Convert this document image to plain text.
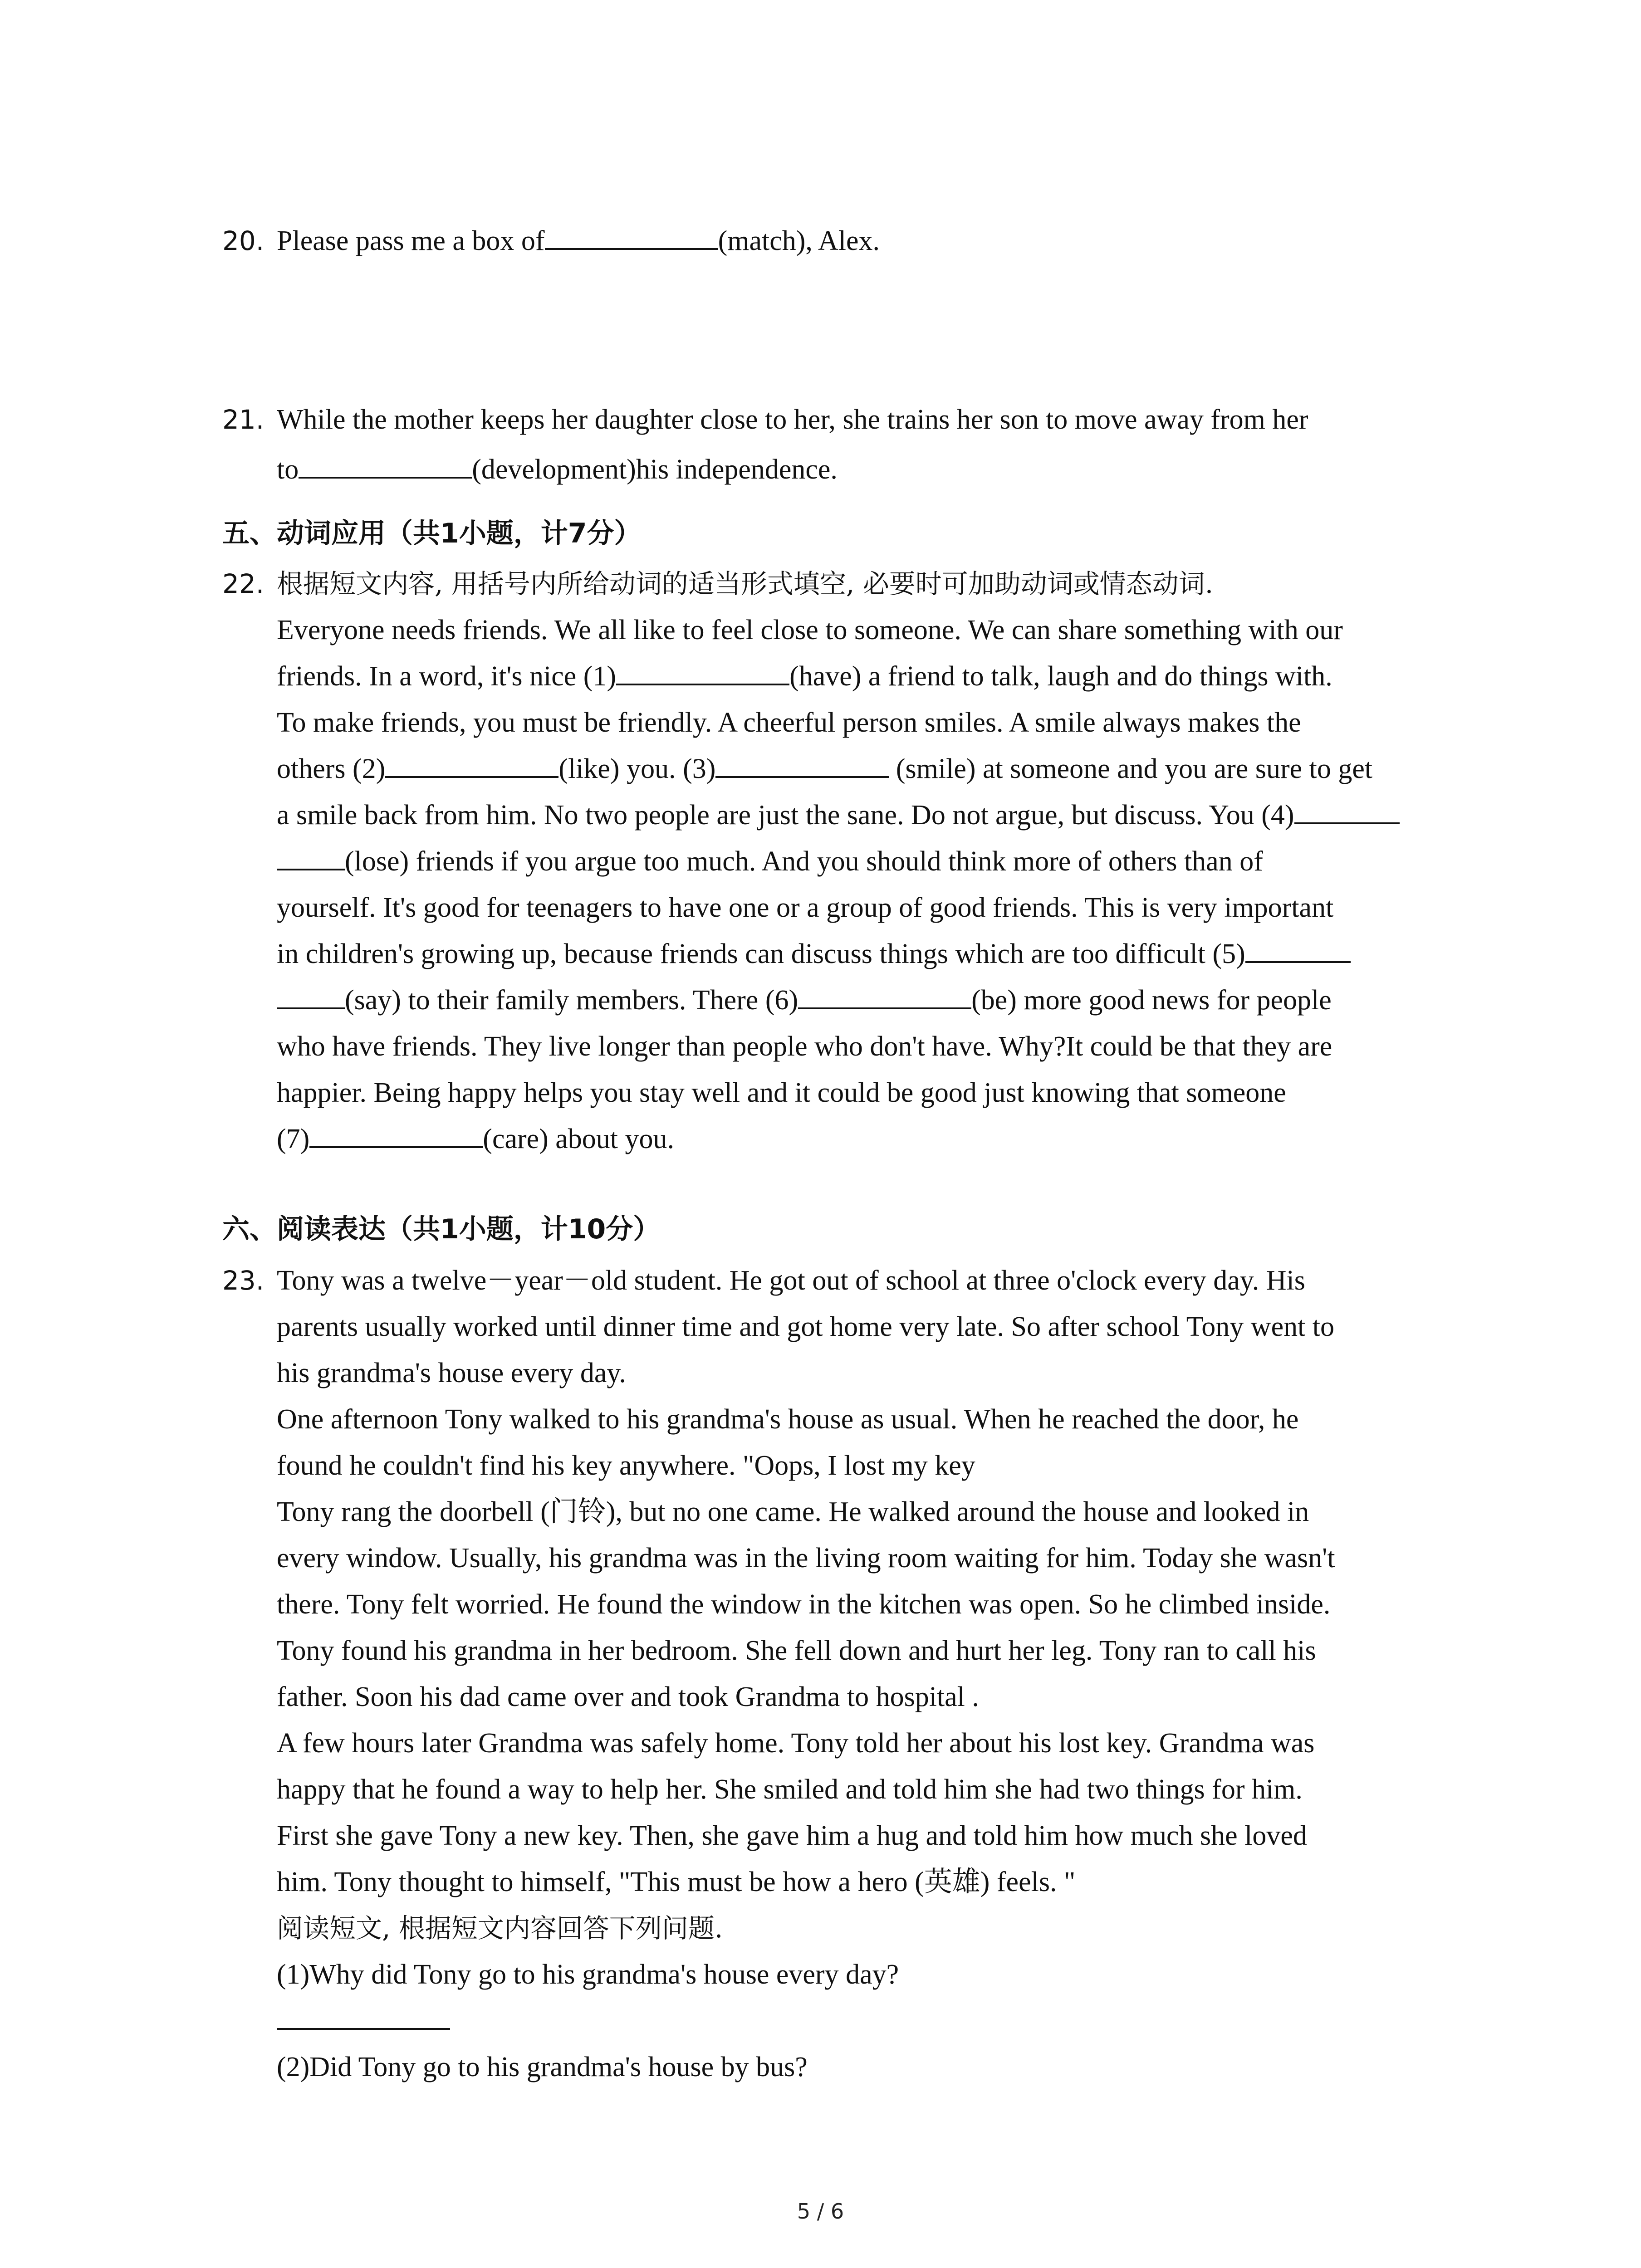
20. Please pass me a box of	(match), Alex.
21. While the mother keeps her daughter close to her, she trains her son to move away from her
to	(development)his independence.
五、动词应用（共1小题，计7分）
22. 根据短文内容, 用括号内所给动词的适当形式填空, 必要时可加助动词或情态动词.
Everyone needs friends. We all like to feel close to someone. We can share something with our
friends. In a word, it's nice (1)	(have) a friend to talk, laugh and do things with.
To make friends, you must be friendly. A cheerful person smiles. A smile always makes the
others (2)	(like) you. (3)	(smile) at someone and you are sure to get
a smile back from him. No two people are just the sane. Do not argue, but discuss. You (4)
(lose) friends if you argue too much. And you should think more of others than of
yourself. It's good for teenagers to have one or a group of good friends. This is very important
in children's growing up, because friends can discuss things which are too difficult (5)
(say) to their family members. There (6)	(be) more good news for people
who have friends. They live longer than people who don't have. Why?It could be that they are
happier. Being happy helps you stay well and it could be good just knowing that someone
(7)	(care) about you.
六、阅读表达（共1小题，计10分）
23. Tony was a twelve－year－old student. He got out of school at three o'clock every day. His
parents usually worked until dinner time and got home very late. So after school Tony went to
his grandma's house every day.
One afternoon Tony walked to his grandma's house as usual. When he reached the door, he
found he couldn't find his key anywhere. "Oops, I lost my key
Tony rang the doorbell (门铃), but no one came. He walked around the house and looked in
every window. Usually, his grandma was in the living room waiting for him. Today she wasn't
there. Tony felt worried. He found the window in the kitchen was open. So he climbed inside.
Tony found his grandma in her bedroom. She fell down and hurt her leg. Tony ran to call his
father. Soon his dad came over and took Grandma to hospital .
A few hours later Grandma was safely home. Tony told her about his lost key. Grandma was
happy that he found a way to help her. She smiled and told him she had two things for him.
First she gave Tony a new key. Then, she gave him a hug and told him how much she loved
him. Tony thought to himself, "This must be how a hero (英雄) feels. "
阅读短文, 根据短文内容回答下列问题.
(1)Why did Tony go to his grandma's house every day?
(2)Did Tony go to his grandma's house by bus?
5 / 6
